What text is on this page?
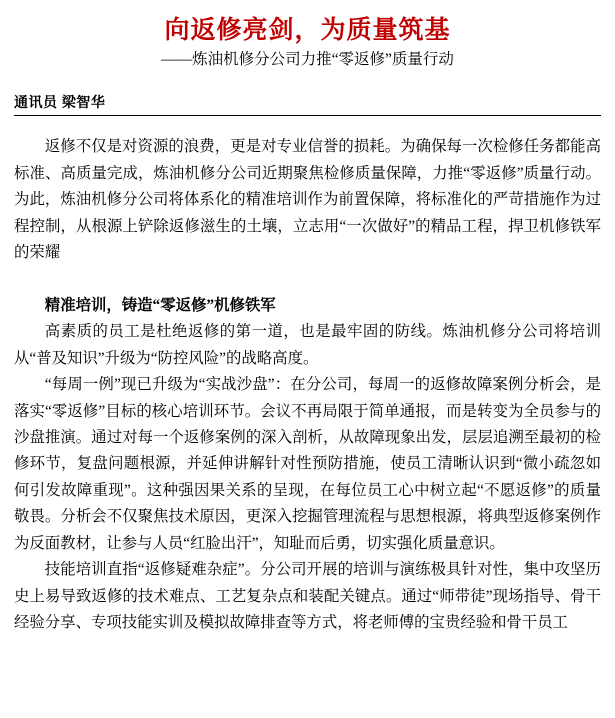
向返修亮剑，为质量筑基
——炼油机修分公司力推“零返修”质量行动
通讯员 梁智华

返修不仅是对资源的浪费，更是对专业信誉的损耗。为确保每一次检修任务都能高标准、高质量完成，炼油机修分公司近期聚焦检修质量保障，力推“零返修”质量行动。为此，炼油机修分公司将体系化的精准培训作为前置保障，将标准化的严苛措施作为过程控制，从根源上铲除返修滋生的土壤，立志用“一次做好”的精品工程，捍卫机修铁军的荣耀

精准培训，铸造“零返修”机修铁军

高素质的员工是杜绝返修的第一道，也是最牢固的防线。炼油机修分公司将培训从“普及知识”升级为“防控风险”的战略高度。

“每周一例”现已升级为“实战沙盘”：在分公司，每周一的返修故障案例分析会，是落实“零返修”目标的核心培训环节。会议不再局限于简单通报，而是转变为全员参与的沙盘推演。通过对每一个返修案例的深入剖析，从故障现象出发，层层追溯至最初的检修环节，复盘问题根源，并延伸讲解针对性预防措施，使员工清晰认识到“微小疏忽如何引发故障重现”。这种强因果关系的呈现，在每位员工心中树立起“不愿返修”的质量敬畏。分析会不仅聚焦技术原因，更深入挖掘管理流程与思想根源，将典型返修案例作为反面教材，让参与人员“红脸出汗”，知耻而后勇，切实强化质量意识。

技能培训直指“返修疑难杂症”。分公司开展的培训与演练极具针对性，集中攻坚历史上易导致返修的技术难点、工艺复杂点和装配关键点。通过“师带徒”现场指导、骨干经验分享、专项技能实训及模拟故障排查等方式，将老师傅的宝贵经验和骨干员工
